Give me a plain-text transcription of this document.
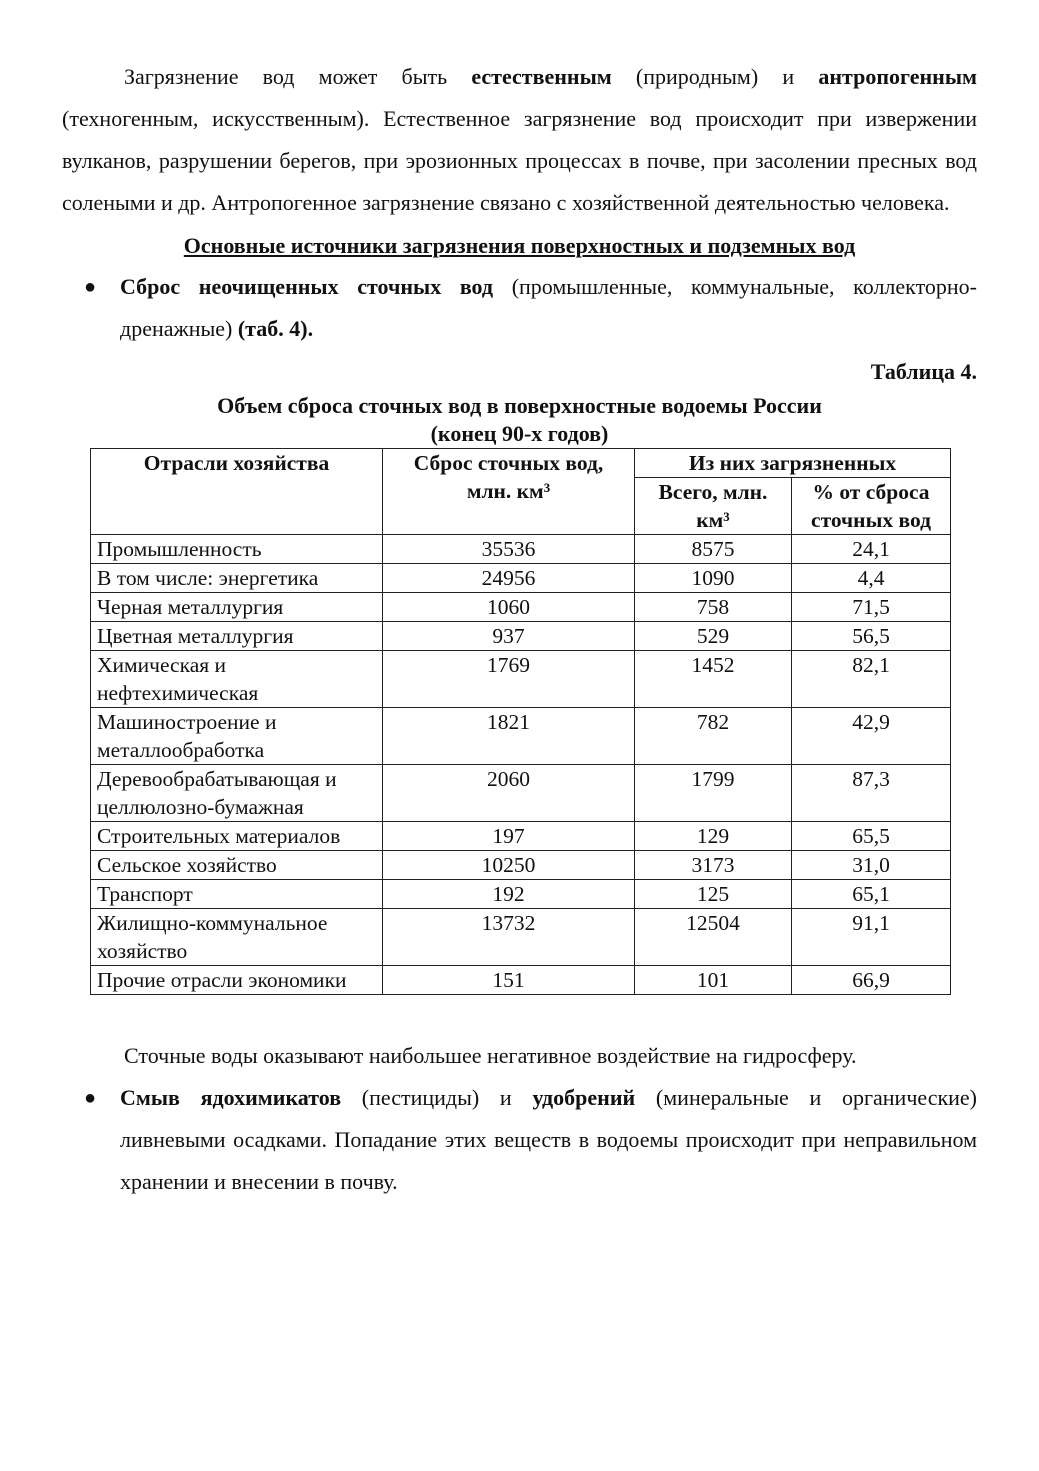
Загрязнение вод может быть естественным (природным) и антропогенным (техногенным, искусственным). Естественное загрязнение вод происходит при извержении вулканов, разрушении берегов, при эрозионных процессах в почве, при засолении пресных вод солеными и др. Антропогенное загрязнение связано с хозяйственной деятельностью человека.

Основные источники загрязнения поверхностных и подземных вод
● Сброс неочищенных сточных вод (промышленные, коммунальные, коллекторно-дренажные) (таб. 4).

Таблица 4.
Объем сброса сточных вод в поверхностные водоемы России
(конец 90-х годов)
Отрасли хозяйства	Сброс сточных вод, млн. км³	Из них загрязненных	
		Всего, млн. км³	% от сброса сточных вод
Промышленность	35536	8575	24,1
В том числе: энергетика	24956	1090	4,4
Черная металлургия	1060	758	71,5
Цветная металлургия	937	529	56,5
Химическая и нефтехимическая	1769	1452	82,1
Машиностроение и металлообработка	1821	782	42,9
Деревообрабатывающая и целлюлозно-бумажная	2060	1799	87,3
Строительных материалов	197	129	65,5
Сельское хозяйство	10250	3173	31,0
Транспорт	192	125	65,1
Жилищно-коммунальное хозяйство	13732	12504	91,1
Прочие отрасли экономики	151	101	66,9

Сточные воды оказывают наибольшее негативное воздействие на гидросферу.

● Смыв ядохимикатов (пестициды) и удобрений (минеральные и органические) ливневыми осадками. Попадание этих веществ в водоемы происходит при неправильном хранении и внесении в почву.
